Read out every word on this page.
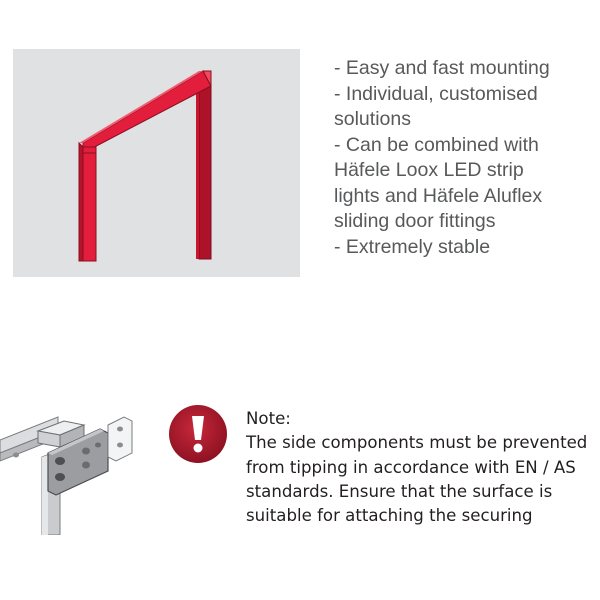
- Easy and fast mounting
- Individual, customised
solutions
- Can be combined with
Häfele Loox LED strip
lights and Häfele Aluflex
sliding door fittings
- Extremely stable
Note:
The side components must be prevented
from tipping in accordance with EN / AS
standards. Ensure that the surface is
suitable for attaching the securing
